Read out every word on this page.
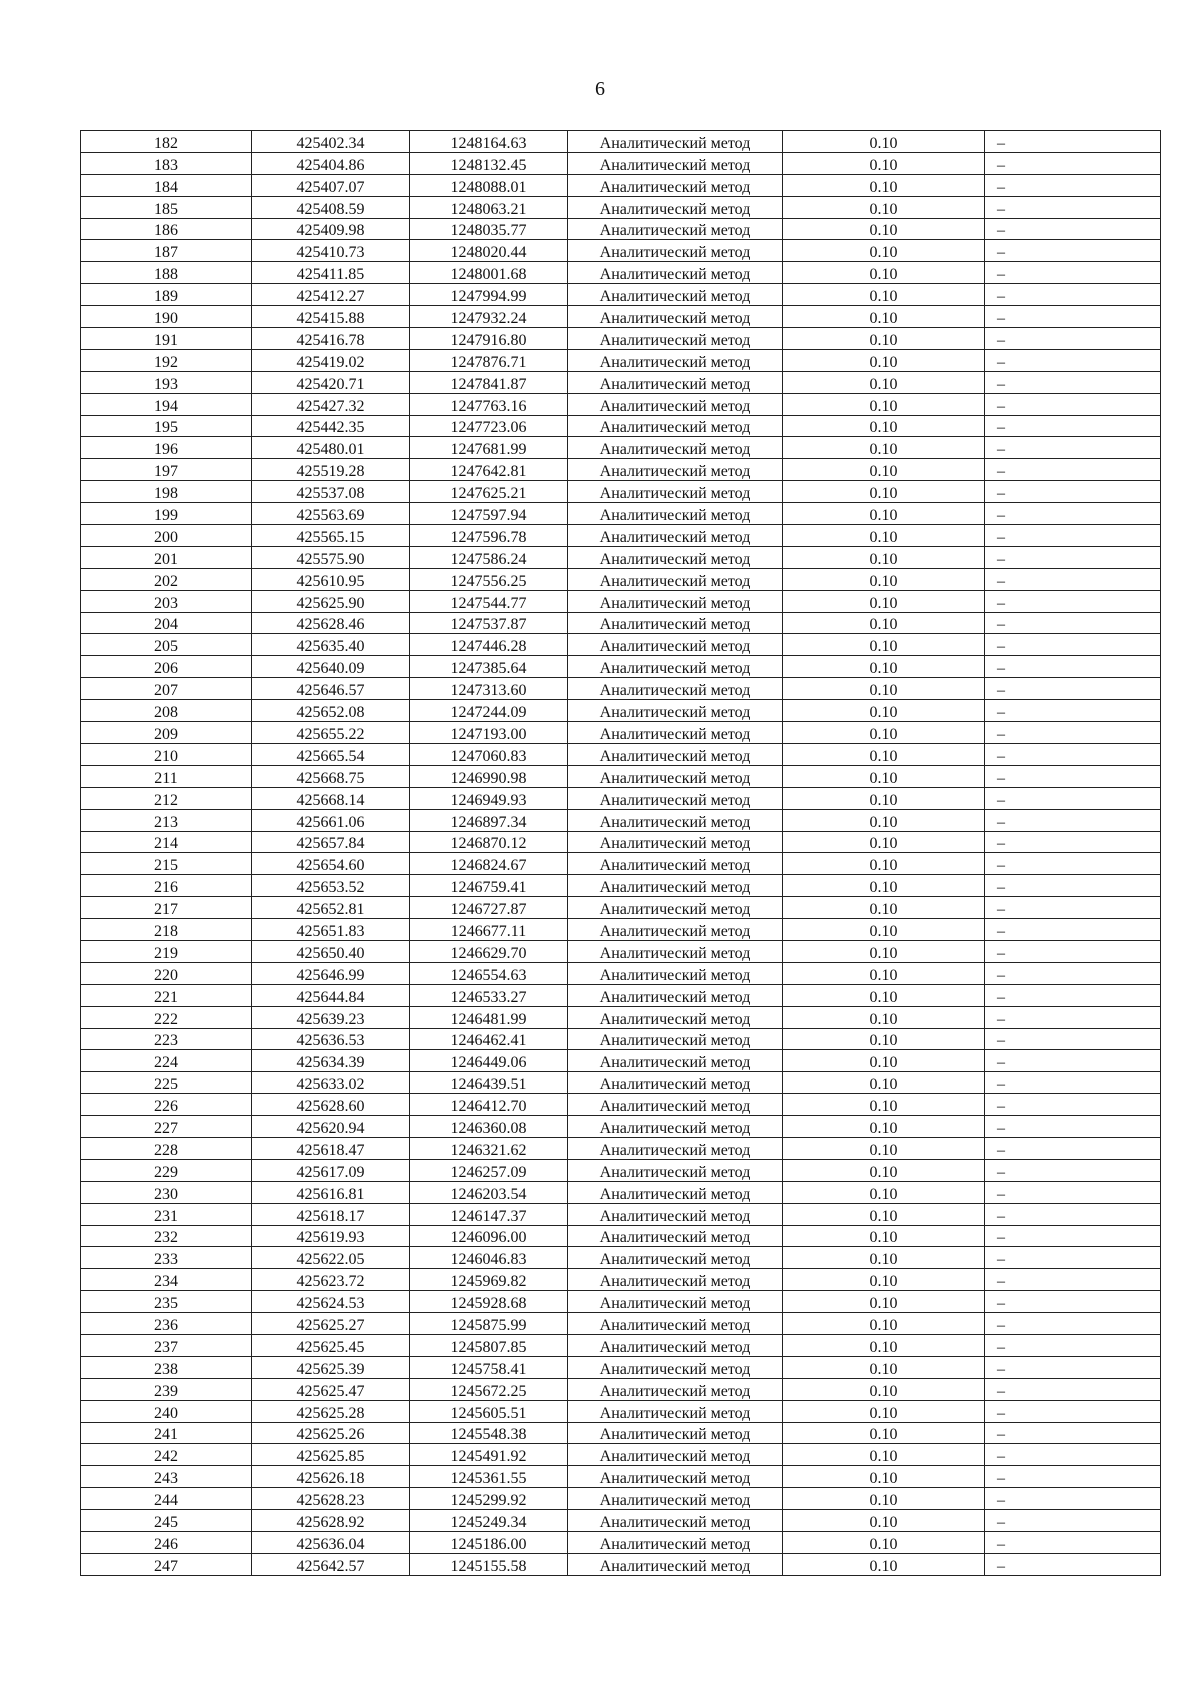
6
182	425402.34	1248164.63	Аналитический метод	0.10	–
183	425404.86	1248132.45	Аналитический метод	0.10	–
184	425407.07	1248088.01	Аналитический метод	0.10	–
185	425408.59	1248063.21	Аналитический метод	0.10	–
186	425409.98	1248035.77	Аналитический метод	0.10	–
187	425410.73	1248020.44	Аналитический метод	0.10	–
188	425411.85	1248001.68	Аналитический метод	0.10	–
189	425412.27	1247994.99	Аналитический метод	0.10	–
190	425415.88	1247932.24	Аналитический метод	0.10	–
191	425416.78	1247916.80	Аналитический метод	0.10	–
192	425419.02	1247876.71	Аналитический метод	0.10	–
193	425420.71	1247841.87	Аналитический метод	0.10	–
194	425427.32	1247763.16	Аналитический метод	0.10	–
195	425442.35	1247723.06	Аналитический метод	0.10	–
196	425480.01	1247681.99	Аналитический метод	0.10	–
197	425519.28	1247642.81	Аналитический метод	0.10	–
198	425537.08	1247625.21	Аналитический метод	0.10	–
199	425563.69	1247597.94	Аналитический метод	0.10	–
200	425565.15	1247596.78	Аналитический метод	0.10	–
201	425575.90	1247586.24	Аналитический метод	0.10	–
202	425610.95	1247556.25	Аналитический метод	0.10	–
203	425625.90	1247544.77	Аналитический метод	0.10	–
204	425628.46	1247537.87	Аналитический метод	0.10	–
205	425635.40	1247446.28	Аналитический метод	0.10	–
206	425640.09	1247385.64	Аналитический метод	0.10	–
207	425646.57	1247313.60	Аналитический метод	0.10	–
208	425652.08	1247244.09	Аналитический метод	0.10	–
209	425655.22	1247193.00	Аналитический метод	0.10	–
210	425665.54	1247060.83	Аналитический метод	0.10	–
211	425668.75	1246990.98	Аналитический метод	0.10	–
212	425668.14	1246949.93	Аналитический метод	0.10	–
213	425661.06	1246897.34	Аналитический метод	0.10	–
214	425657.84	1246870.12	Аналитический метод	0.10	–
215	425654.60	1246824.67	Аналитический метод	0.10	–
216	425653.52	1246759.41	Аналитический метод	0.10	–
217	425652.81	1246727.87	Аналитический метод	0.10	–
218	425651.83	1246677.11	Аналитический метод	0.10	–
219	425650.40	1246629.70	Аналитический метод	0.10	–
220	425646.99	1246554.63	Аналитический метод	0.10	–
221	425644.84	1246533.27	Аналитический метод	0.10	–
222	425639.23	1246481.99	Аналитический метод	0.10	–
223	425636.53	1246462.41	Аналитический метод	0.10	–
224	425634.39	1246449.06	Аналитический метод	0.10	–
225	425633.02	1246439.51	Аналитический метод	0.10	–
226	425628.60	1246412.70	Аналитический метод	0.10	–
227	425620.94	1246360.08	Аналитический метод	0.10	–
228	425618.47	1246321.62	Аналитический метод	0.10	–
229	425617.09	1246257.09	Аналитический метод	0.10	–
230	425616.81	1246203.54	Аналитический метод	0.10	–
231	425618.17	1246147.37	Аналитический метод	0.10	–
232	425619.93	1246096.00	Аналитический метод	0.10	–
233	425622.05	1246046.83	Аналитический метод	0.10	–
234	425623.72	1245969.82	Аналитический метод	0.10	–
235	425624.53	1245928.68	Аналитический метод	0.10	–
236	425625.27	1245875.99	Аналитический метод	0.10	–
237	425625.45	1245807.85	Аналитический метод	0.10	–
238	425625.39	1245758.41	Аналитический метод	0.10	–
239	425625.47	1245672.25	Аналитический метод	0.10	–
240	425625.28	1245605.51	Аналитический метод	0.10	–
241	425625.26	1245548.38	Аналитический метод	0.10	–
242	425625.85	1245491.92	Аналитический метод	0.10	–
243	425626.18	1245361.55	Аналитический метод	0.10	–
244	425628.23	1245299.92	Аналитический метод	0.10	–
245	425628.92	1245249.34	Аналитический метод	0.10	–
246	425636.04	1245186.00	Аналитический метод	0.10	–
247	425642.57	1245155.58	Аналитический метод	0.10	–
